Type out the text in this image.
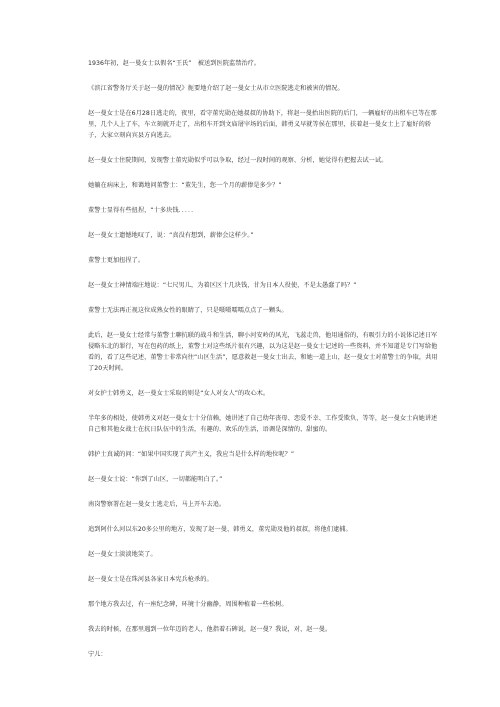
1936年初，赵一曼女士以假名“王氏”　被送到医院监禁治疗。

《滨江省警务厅关于赵一曼的情况》扼要地介绍了赵一曼女士从市立医院逃走和被害的情况。

赵一曼女士是在6月28日逃走的，夜里，看守董宪勋在她叔叔的协助下，将赵一曼抬出医院的后门，一辆雇好的出租车已等在那里，几个人上了车，车立刻就开走了，出租车开到文庙屠宰场的后面，韩勇义早就等侯在那里，扶着赵一曼女士上了雇好的轿子，大家立刻向宾县方向逃去。

赵一曼女士住院期间，发现警士董宪勋似乎可以争取，经过一段时间的观察、分析，她觉得有把握去试一试。

她躺在病床上，和蔼地问董警士：“董先生，您一个月的薪俸是多少？”

董警士显得有些扭捏，“十多块钱．．．．．

赵一曼女士遗憾地叹了，说：“真没有想到，薪俸会这样少。”

董警士更加扭捏了。

赵一曼女士神情端庄地说：“七尺男儿，为着区区十几块钱，甘为日本人役使，不是太愚蠢了吗？”

董警士无法再正视这位成熟女性的眼睛了，只是嗫嗫嚅嚅点点了一颗头。

此后，赵一曼女士经常与董警士聊抗联的战斗和生活，聊小河安岭的风光，飞蕊走兽，他用通俗的，有吸引力的小说体记述日军侵略东北的罪行，写在包药的纸上，董警士对这些纸片很有兴趣，以为这是赵一曼女士记述的一些资料，并不知道是专门写给他看的，看了这些记述，董警士非常向往“山区生活”，愿意救赵一曼女士出去，和她一道上山，赵一曼女士对董警士的争取，共用了20天时间。

对女护士韩勇义，赵一曼女士采取的则是“女人对女人”的攻心术。

半年多的相处，使韩勇义对赵一曼女士十分信赖，她讲述了自己幼年丧母、恋爱不幸、工作受欺负，等等，赵一曼女士向她讲述自己和其他女战士在抗日队伍中的生活，有趣的、欢乐的生活，语调是深情的、甜蜜的。

韩护士真诚的问：“如果中国实现了共产主义，我应当是什么样的地位呢？”

赵一曼女士说：“你到了山区，一切都能明白了。”

南岗警察署在赵一曼女士逃走后，马上开车去追。

追到阿什么河以东20多公里的地方，发现了赵一曼、韩勇义，董宪勋及他的叔叔，将他们逮捕。

赵一曼女士淡淡地笑了。

赵一曼女士是在珠河县各家日本宪兵枪杀的。

那个地方我去过，有一座纪念碑，环境十分幽静，周围种植着一些松树。

我去的时候，在那里遇到一位年迈的老人，他指着石碑说，赵一曼？我说，对，赵一曼。

宁儿：
